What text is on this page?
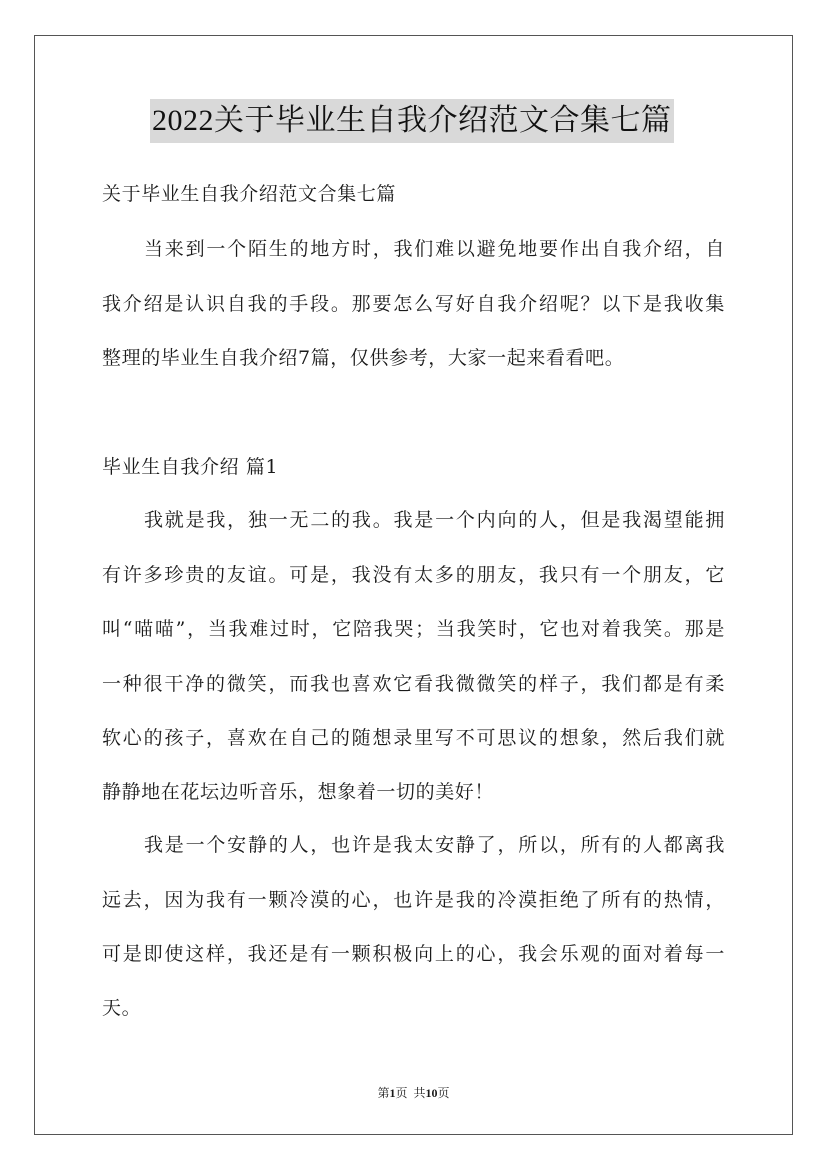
2022关于毕业生自我介绍范文合集七篇
关于毕业生自我介绍范文合集七篇
当来到一个陌生的地方时，我们难以避免地要作出自我介绍，自
我介绍是认识自我的手段。那要怎么写好自我介绍呢？以下是我收集
整理的毕业生自我介绍7篇，仅供参考，大家一起来看看吧。
毕业生自我介绍 篇1
我就是我，独一无二的我。我是一个内向的人，但是我渴望能拥
有许多珍贵的友谊。可是，我没有太多的朋友，我只有一个朋友，它
叫“喵喵”，当我难过时，它陪我哭；当我笑时，它也对着我笑。那是
一种很干净的微笑，而我也喜欢它看我微微笑的样子，我们都是有柔
软心的孩子，喜欢在自己的随想录里写不可思议的想象，然后我们就
静静地在花坛边听音乐，想象着一切的美好！
我是一个安静的人，也许是我太安静了，所以，所有的人都离我
远去，因为我有一颗冷漠的心，也许是我的冷漠拒绝了所有的热情，
可是即使这样，我还是有一颗积极向上的心，我会乐观的面对着每一
天。
第1页  共10页
